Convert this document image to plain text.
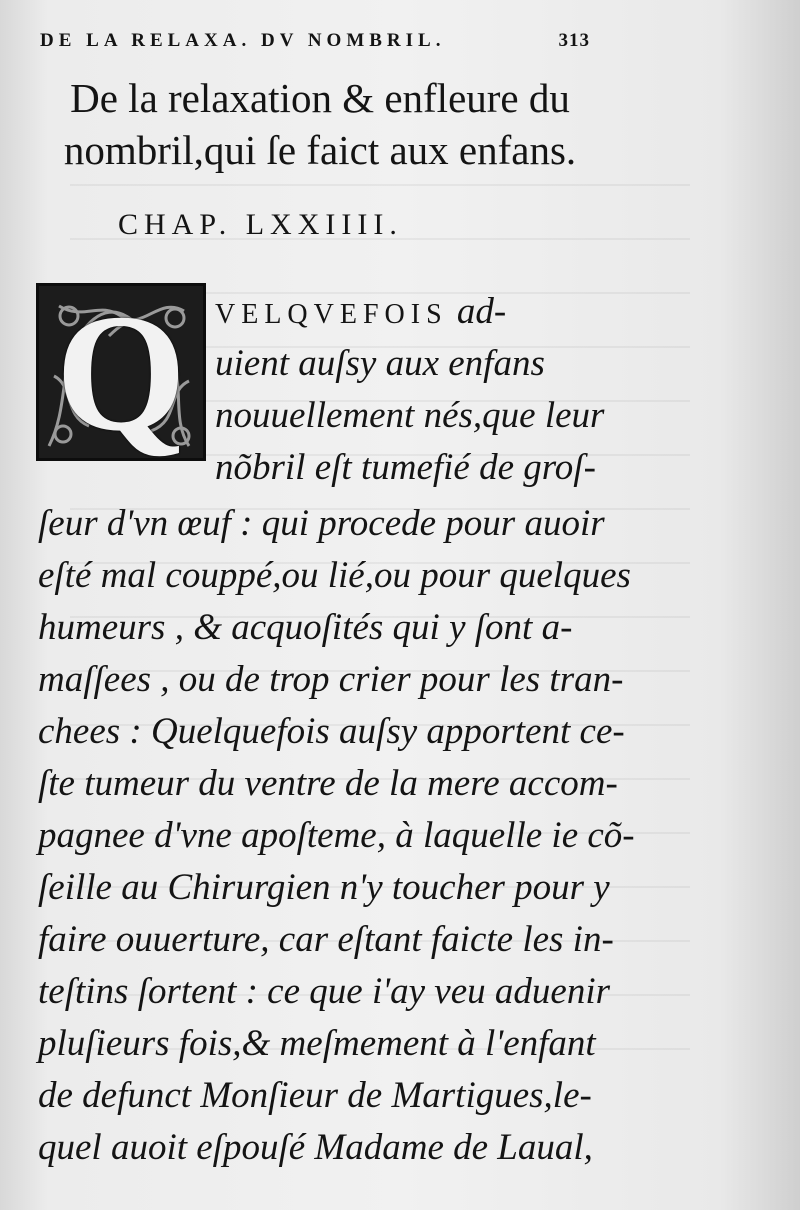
DE LA RELAXA. DV NOMBRIL.	313
De la relaxation & enfleure du
nombril,qui ſe faict aux enfans.
CHAP. LXXIIII.
Q	VELQVEFOIS ad-
uient auſsy aux enfans
nouuellement nés,que leur
nõbril eſt tumefié de groſ-
ſeur d'vn œuf : qui procede pour auoir
eſté mal couppé,ou lié,ou pour quelques
humeurs , & acquoſités qui y ſont a-
maſſees , ou de trop crier pour les tran-
chees : Quelquefois auſsy apportent ce-
ſte tumeur du ventre de la mere accom-
pagnee d'vne apoſteme, à laquelle ie cõ-
ſeille au Chirurgien n'y toucher pour y
faire ouuerture, car eſtant faicte les in-
teſtins ſortent : ce que i'ay veu aduenir
pluſieurs fois,& meſmement à l'enfant
de defunct Monſieur de Martigues,le-
quel auoit eſpouſé Madame de Laual,
